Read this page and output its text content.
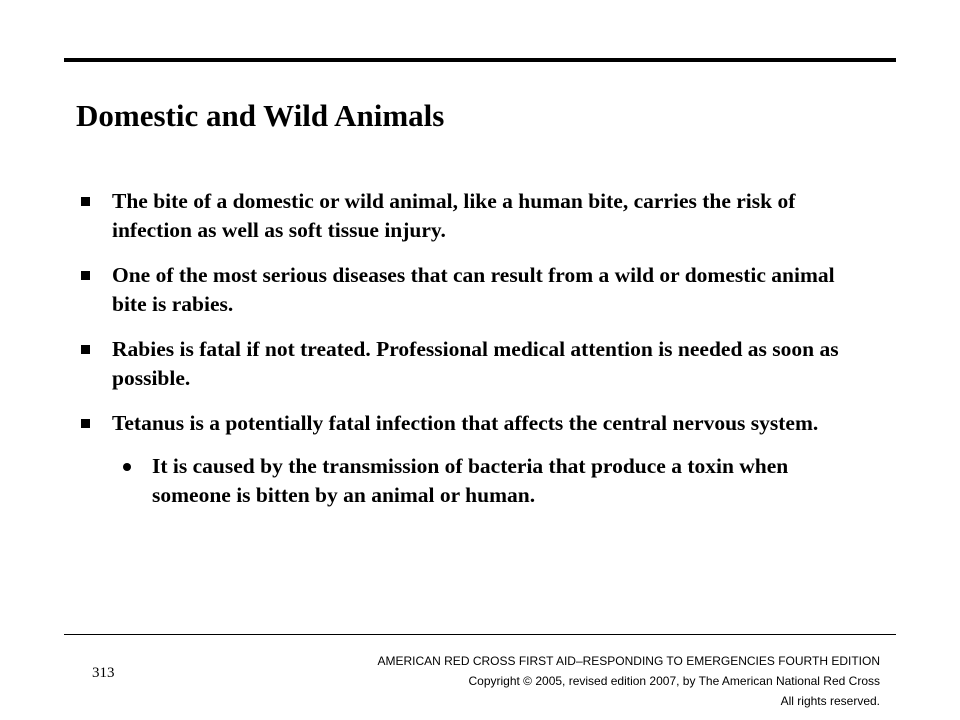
Domestic and Wild Animals
The bite of a domestic or wild animal, like a human bite, carries the risk of infection as well as soft tissue injury.
One of the most serious diseases that can result from a wild or domestic animal bite is rabies.
Rabies is fatal if not treated. Professional medical attention is needed as soon as possible.
Tetanus is a potentially fatal infection that affects the central nervous system.
It is caused by the transmission of bacteria that produce a toxin when someone is bitten by an animal or human.
313
AMERICAN RED CROSS FIRST AID–RESPONDING TO EMERGENCIES FOURTH EDITION
Copyright © 2005, revised edition 2007, by The American National Red Cross
All rights reserved.
